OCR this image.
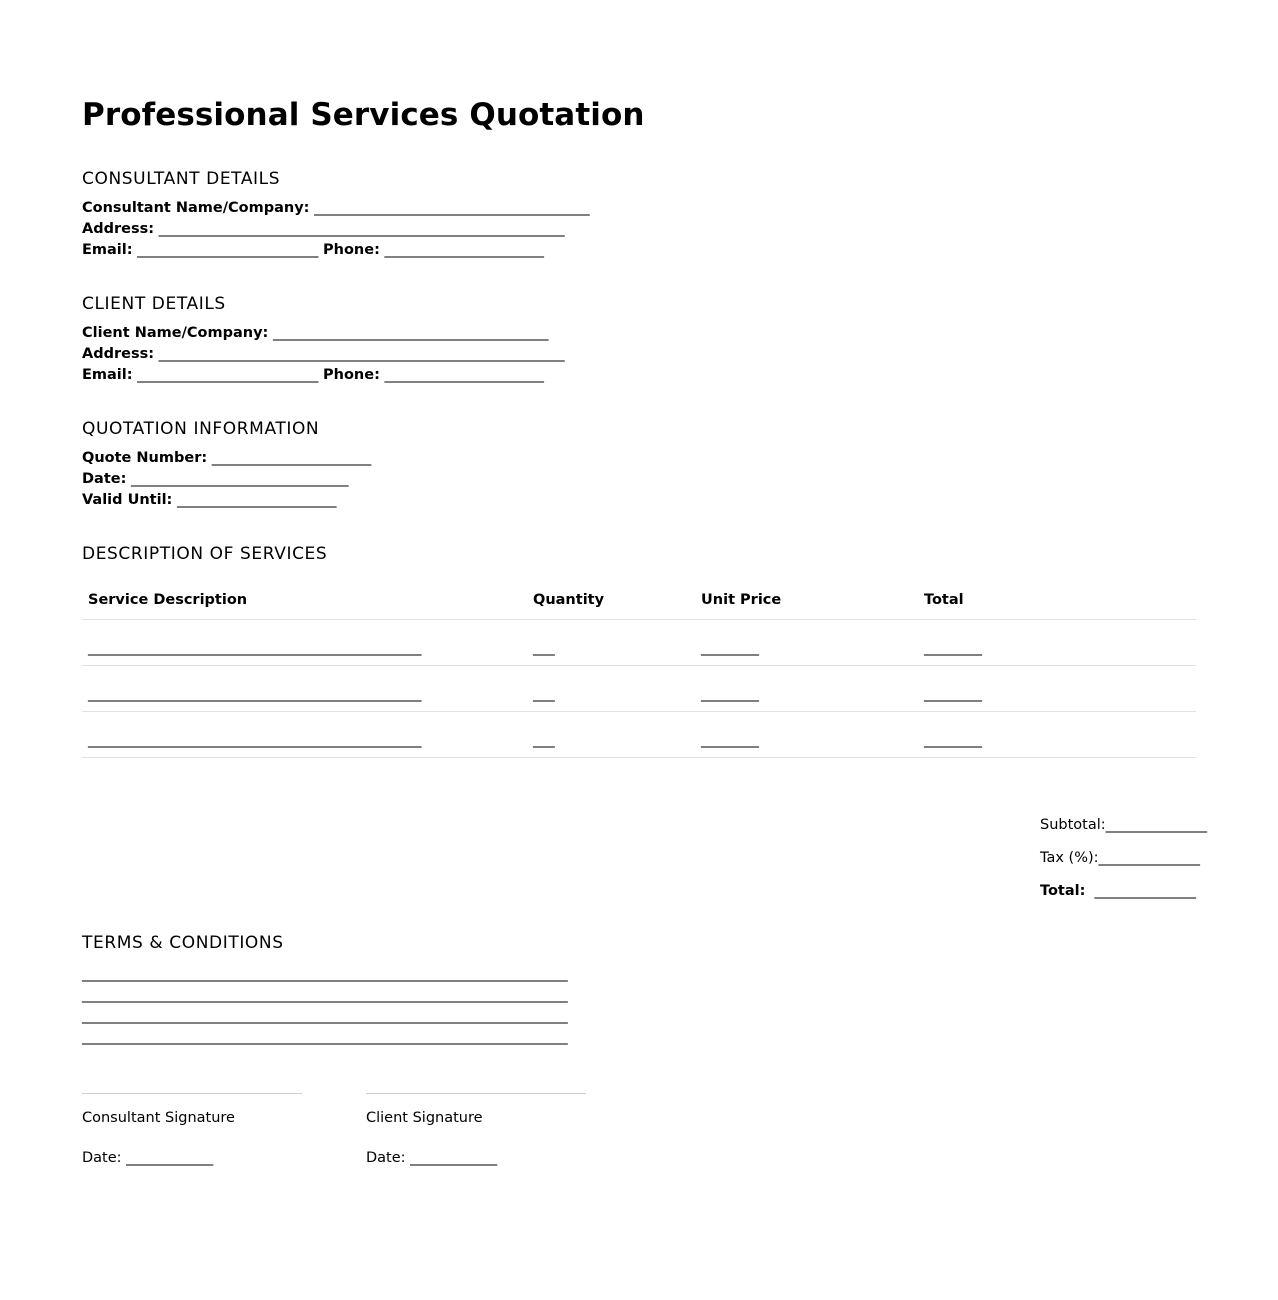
Professional Services Quotation
CONSULTANT DETAILS
Consultant Name/Company: ______________________________________
Address: ________________________________________________________
Email: _________________________ Phone: ______________________
CLIENT DETAILS
Client Name/Company: ______________________________________
Address: ________________________________________________________
Email: _________________________ Phone: ______________________
QUOTATION INFORMATION
Quote Number: ______________________
Date: ______________________________
Valid Until: ______________________
DESCRIPTION OF SERVICES
Service Description	Quantity	Unit Price	Total
______________________________________________	___	________	________
______________________________________________	___	________	________
______________________________________________	___	________	________
Subtotal: ______________
Tax (%): ______________
Total: ______________
TERMS & CONDITIONS
___________________________________________________________________
___________________________________________________________________
___________________________________________________________________
___________________________________________________________________
Consultant Signature
Date: ____________
Client Signature
Date: ____________
